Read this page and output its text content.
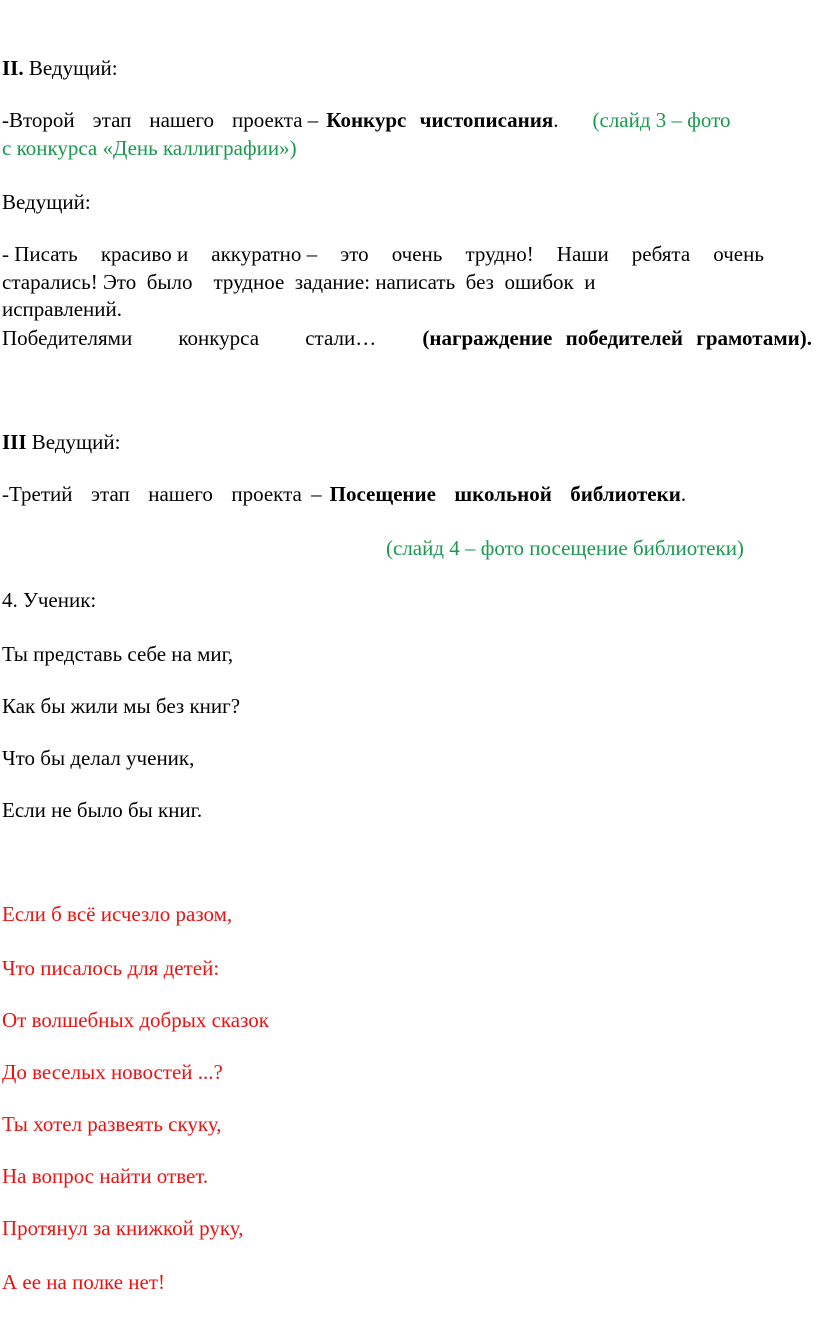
II. Ведущий:
-Второй этап нашего проекта – Конкурс чистописания. (слайд 3 – фото
с конкурса «День каллиграфии»)
Ведущий:
- Писать красиво и аккуратно – это очень трудно! Наши ребята очень
старались! Это  было    трудное  задание: написать  без  ошибок  и
исправлений.
Победителями конкурса стали… (награждение победителей грамотами).
III Ведущий:
-Третий  этап  нашего  проекта – Посещение  школьной  библиотеки.
(слайд 4 – фото посещение библиотеки)
4. Ученик:
Ты представь себе на миг,
Как бы жили мы без книг?
Что бы делал ученик,
Если не было бы книг.
Если б всё исчезло разом,
Что писалось для детей:
От волшебных добрых сказок
До веселых новостей ...?
Ты хотел развеять скуку,
На вопрос найти ответ.
Протянул за книжкой руку,
А ее на полке нет!
